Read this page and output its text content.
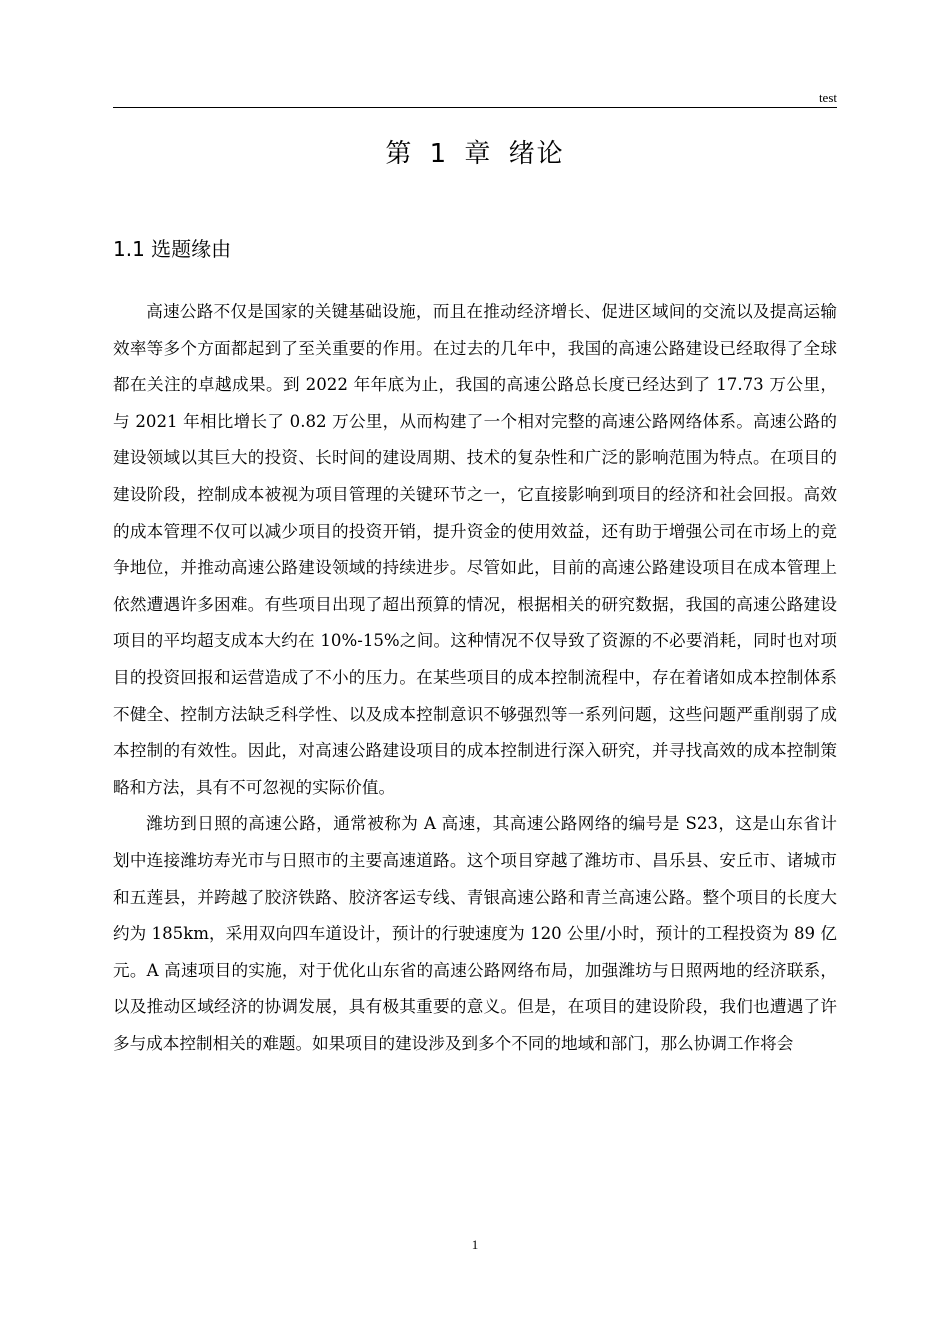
test
第 1 章 绪论
1.1 选题缘由

高速公路不仅是国家的关键基础设施，而且在推动经济增长、促进区域间的交流以及提高运输效率等多个方面都起到了至关重要的作用。在过去的几年中，我国的高速公路建设已经取得了全球都在关注的卓越成果。到 2022 年年底为止，我国的高速公路总长度已经达到了 17.73 万公里，与 2021 年相比增长了 0.82 万公里，从而构建了一个相对完整的高速公路网络体系。高速公路的建设领域以其巨大的投资、长时间的建设周期、技术的复杂性和广泛的影响范围为特点。在项目的建设阶段，控制成本被视为项目管理的关键环节之一，它直接影响到项目的经济和社会回报。高效的成本管理不仅可以减少项目的投资开销，提升资金的使用效益，还有助于增强公司在市场上的竞争地位，并推动高速公路建设领域的持续进步。尽管如此，目前的高速公路建设项目在成本管理上依然遭遇许多困难。有些项目出现了超出预算的情况，根据相关的研究数据，我国的高速公路建设项目的平均超支成本大约在 10%-15%之间。这种情况不仅导致了资源的不必要消耗，同时也对项目的投资回报和运营造成了不小的压力。在某些项目的成本控制流程中，存在着诸如成本控制体系不健全、控制方法缺乏科学性、以及成本控制意识不够强烈等一系列问题，这些问题严重削弱了成本控制的有效性。因此，对高速公路建设项目的成本控制进行深入研究，并寻找高效的成本控制策略和方法，具有不可忽视的实际价值。

潍坊到日照的高速公路，通常被称为 A 高速，其高速公路网络的编号是 S23，这是山东省计划中连接潍坊寿光市与日照市的主要高速道路。这个项目穿越了潍坊市、昌乐县、安丘市、诸城市和五莲县，并跨越了胶济铁路、胶济客运专线、青银高速公路和青兰高速公路。整个项目的长度大约为 185km，采用双向四车道设计，预计的行驶速度为 120 公里/小时，预计的工程投资为 89 亿元。A 高速项目的实施，对于优化山东省的高速公路网络布局，加强潍坊与日照两地的经济联系，以及推动区域经济的协调发展，具有极其重要的意义。但是，在项目的建设阶段，我们也遭遇了许多与成本控制相关的难题。如果项目的建设涉及到多个不同的地域和部门，那么协调工作将会

1
